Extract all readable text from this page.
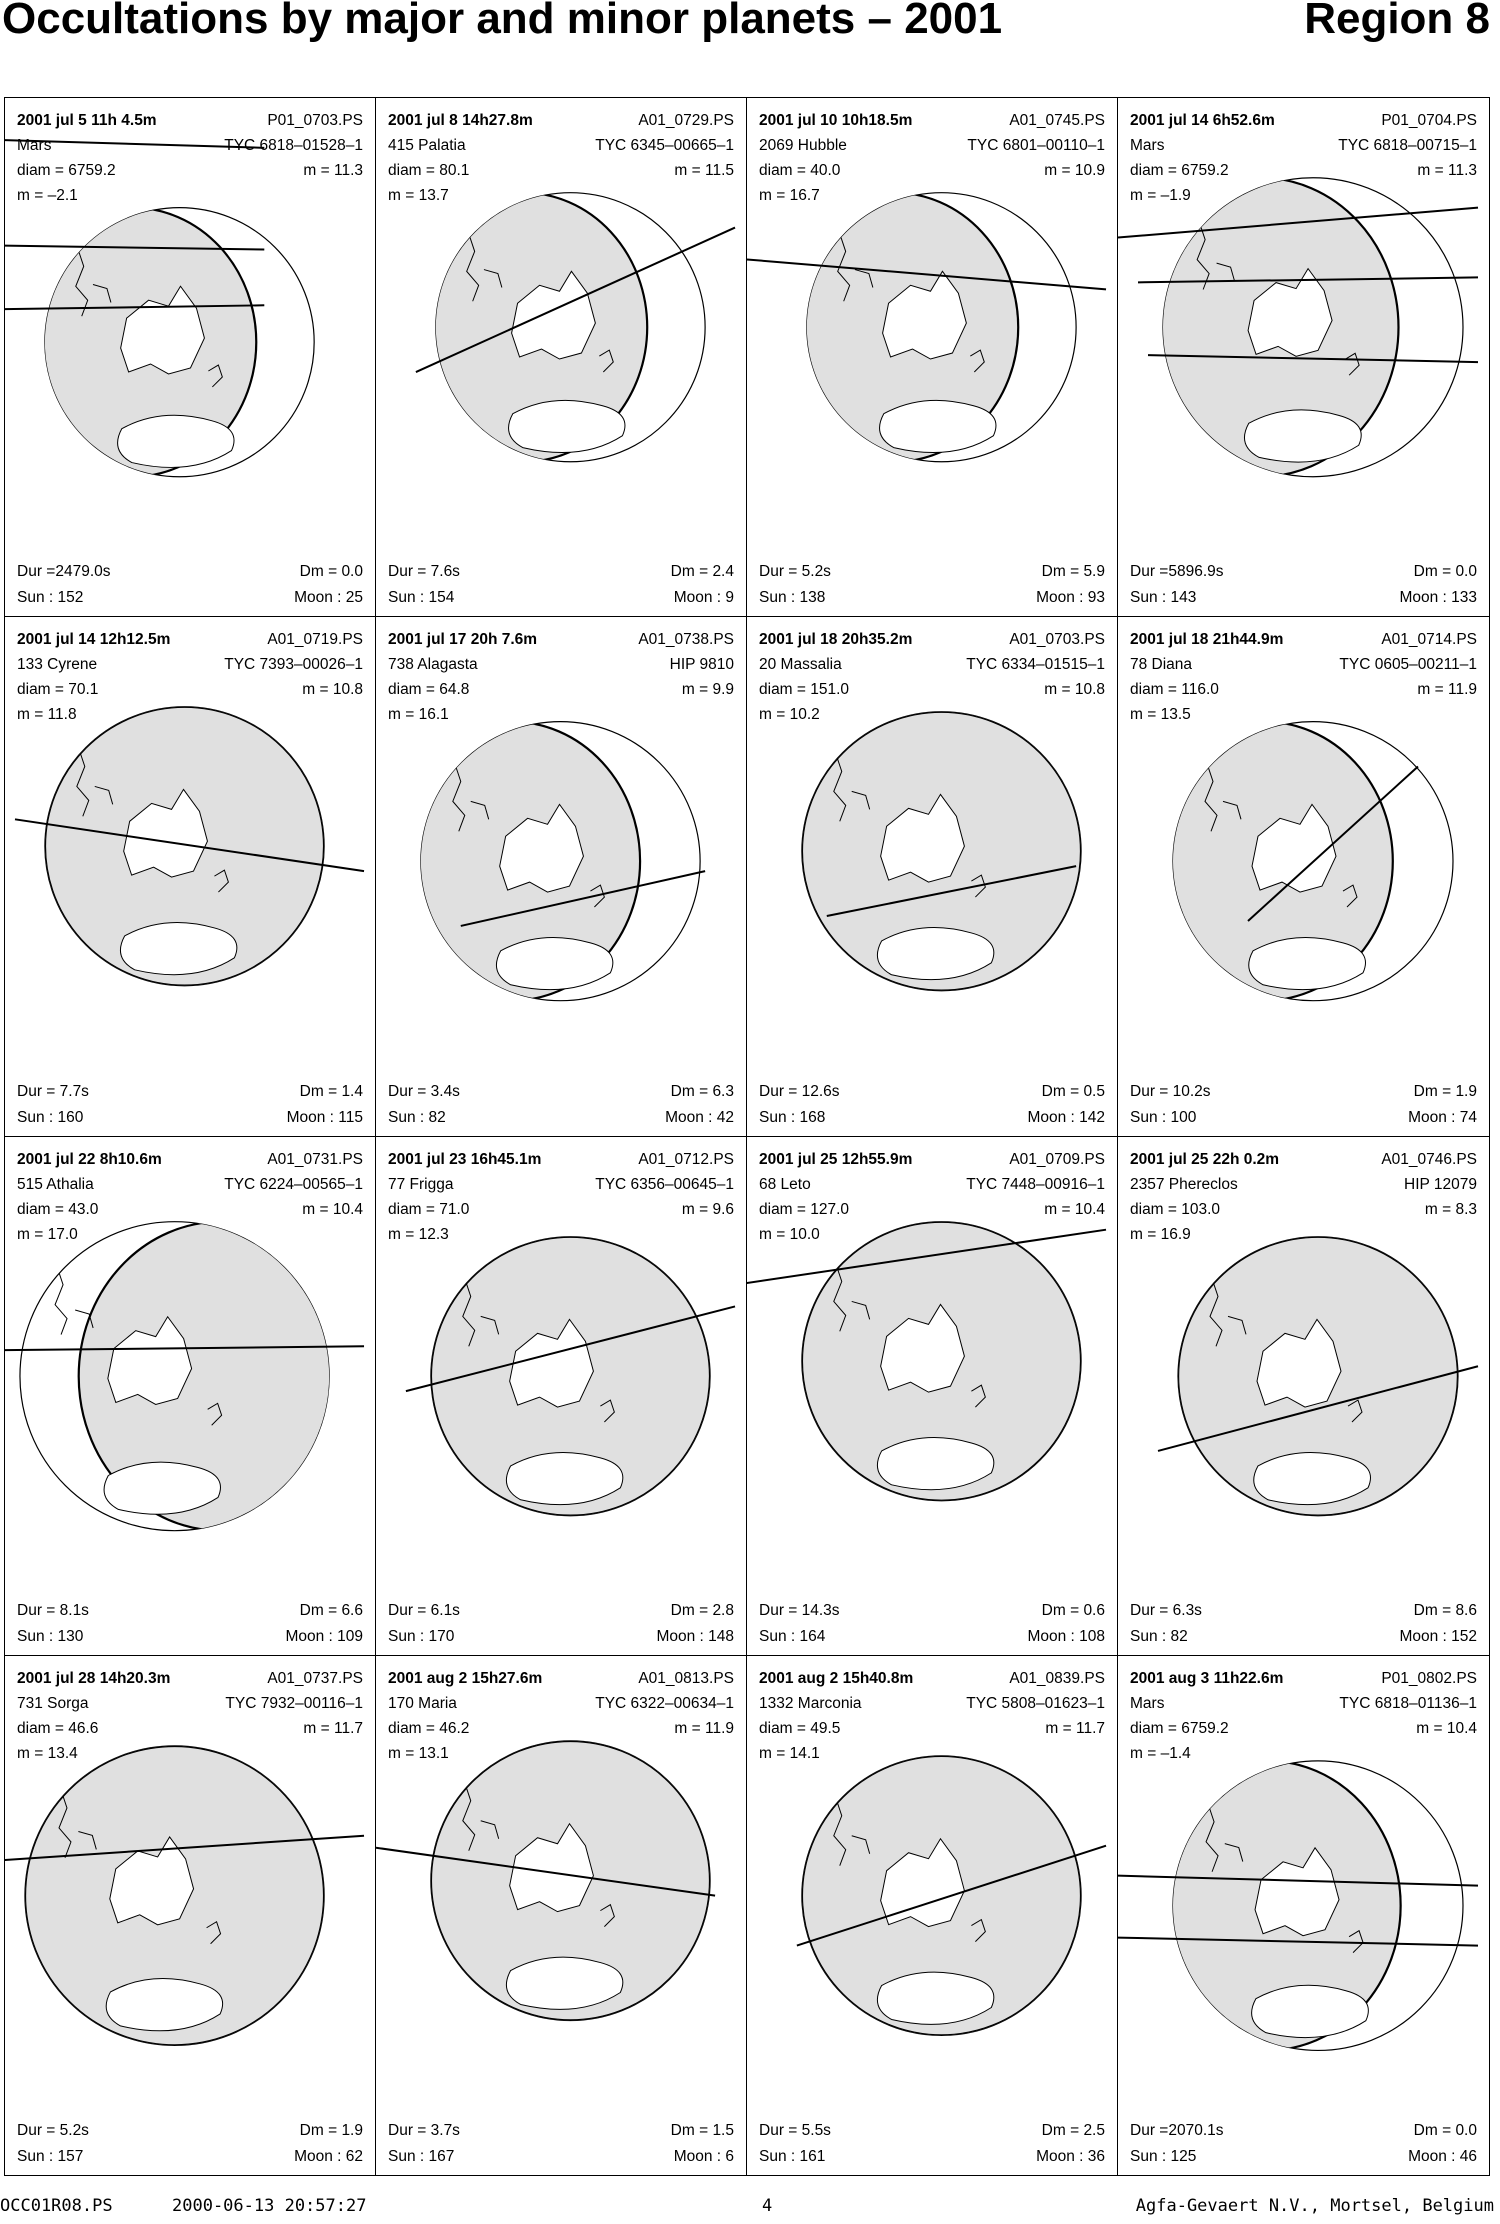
Occultations by major and minor planets – 2001	Region 8
2001 jul 5 11h 4.5m	P01_0703.PS
Mars	TYC 6818–01528–1
diam = 6759.2	m = 11.3
m = –2.1
Dur =2479.0s	Dm = 0.0
Sun : 152	Moon : 25
2001 jul 8 14h27.8m	A01_0729.PS
415 Palatia	TYC 6345–00665–1
diam = 80.1	m = 11.5
m = 13.7
Dur = 7.6s	Dm = 2.4
Sun : 154	Moon : 9
2001 jul 10 10h18.5m	A01_0745.PS
2069 Hubble	TYC 6801–00110–1
diam = 40.0	m = 10.9
m = 16.7
Dur = 5.2s	Dm = 5.9
Sun : 138	Moon : 93
2001 jul 14 6h52.6m	P01_0704.PS
Mars	TYC 6818–00715–1
diam = 6759.2	m = 11.3
m = –1.9
Dur =5896.9s	Dm = 0.0
Sun : 143	Moon : 133
2001 jul 14 12h12.5m	A01_0719.PS
133 Cyrene	TYC 7393–00026–1
diam = 70.1	m = 10.8
m = 11.8
Dur = 7.7s	Dm = 1.4
Sun : 160	Moon : 115
2001 jul 17 20h 7.6m	A01_0738.PS
738 Alagasta	HIP 9810
diam = 64.8	m = 9.9
m = 16.1
Dur = 3.4s	Dm = 6.3
Sun : 82	Moon : 42
2001 jul 18 20h35.2m	A01_0703.PS
20 Massalia	TYC 6334–01515–1
diam = 151.0	m = 10.8
m = 10.2
Dur = 12.6s	Dm = 0.5
Sun : 168	Moon : 142
2001 jul 18 21h44.9m	A01_0714.PS
78 Diana	TYC 0605–00211–1
diam = 116.0	m = 11.9
m = 13.5
Dur = 10.2s	Dm = 1.9
Sun : 100	Moon : 74
2001 jul 22 8h10.6m	A01_0731.PS
515 Athalia	TYC 6224–00565–1
diam = 43.0	m = 10.4
m = 17.0
Dur = 8.1s	Dm = 6.6
Sun : 130	Moon : 109
2001 jul 23 16h45.1m	A01_0712.PS
77 Frigga	TYC 6356–00645–1
diam = 71.0	m = 9.6
m = 12.3
Dur = 6.1s	Dm = 2.8
Sun : 170	Moon : 148
2001 jul 25 12h55.9m	A01_0709.PS
68 Leto	TYC 7448–00916–1
diam = 127.0	m = 10.4
m = 10.0
Dur = 14.3s	Dm = 0.6
Sun : 164	Moon : 108
2001 jul 25 22h 0.2m	A01_0746.PS
2357 Phereclos	HIP 12079
diam = 103.0	m = 8.3
m = 16.9
Dur = 6.3s	Dm = 8.6
Sun : 82	Moon : 152
2001 jul 28 14h20.3m	A01_0737.PS
731 Sorga	TYC 7932–00116–1
diam = 46.6	m = 11.7
m = 13.4
Dur = 5.2s	Dm = 1.9
Sun : 157	Moon : 62
2001 aug 2 15h27.6m	A01_0813.PS
170 Maria	TYC 6322–00634–1
diam = 46.2	m = 11.9
m = 13.1
Dur = 3.7s	Dm = 1.5
Sun : 167	Moon : 6
2001 aug 2 15h40.8m	A01_0839.PS
1332 Marconia	TYC 5808–01623–1
diam = 49.5	m = 11.7
m = 14.1
Dur = 5.5s	Dm = 2.5
Sun : 161	Moon : 36
2001 aug 3 11h22.6m	P01_0802.PS
Mars	TYC 6818–01136–1
diam = 6759.2	m = 10.4
m = –1.4
Dur =2070.1s	Dm = 0.0
Sun : 125	Moon : 46
OCC01R08.PS	2000-06-13 20:57:27	4	Agfa-Gevaert N.V., Mortsel, Belgium
